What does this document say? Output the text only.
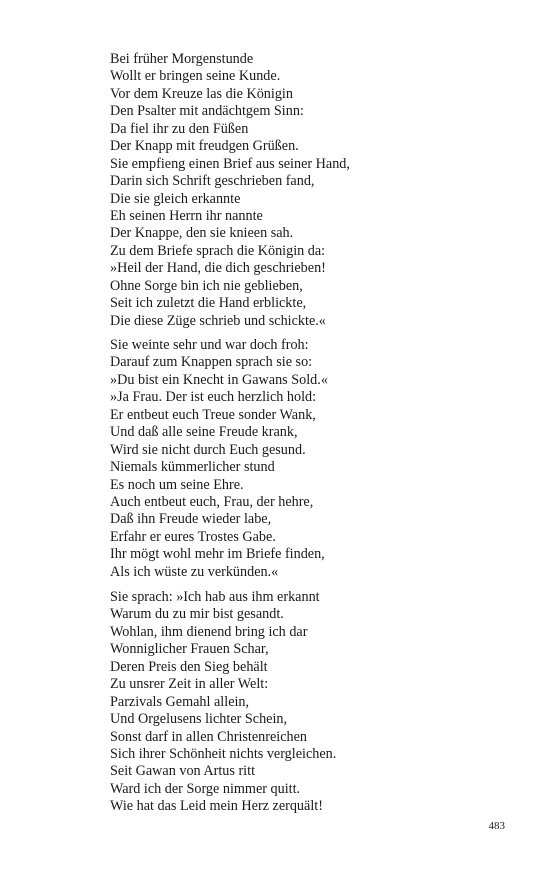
Bei früher Morgenstunde
Wollt er bringen seine Kunde.
Vor dem Kreuze las die Königin
Den Psalter mit andächtgem Sinn:
Da fiel ihr zu den Füßen
Der Knapp mit freudgen Grüßen.
Sie empfieng einen Brief aus seiner Hand,
Darin sich Schrift geschrieben fand,
Die sie gleich erkannte
Eh seinen Herrn ihr nannte
Der Knappe, den sie knieen sah.
Zu dem Briefe sprach die Königin da:
»Heil der Hand, die dich geschrieben!
Ohne Sorge bin ich nie geblieben,
Seit ich zuletzt die Hand erblickte,
Die diese Züge schrieb und schickte.«
Sie weinte sehr und war doch froh:
Darauf zum Knappen sprach sie so:
»Du bist ein Knecht in Gawans Sold.«
»Ja Frau. Der ist euch herzlich hold:
Er entbeut euch Treue sonder Wank,
Und daß alle seine Freude krank,
Wird sie nicht durch Euch gesund.
Niemals kümmerlicher stund
Es noch um seine Ehre.
Auch entbeut euch, Frau, der hehre,
Daß ihn Freude wieder labe,
Erfahr er eures Trostes Gabe.
Ihr mögt wohl mehr im Briefe finden,
Als ich wüste zu verkünden.«
Sie sprach: »Ich hab aus ihm erkannt
Warum du zu mir bist gesandt.
Wohlan, ihm dienend bring ich dar
Wonniglicher Frauen Schar,
Deren Preis den Sieg behält
Zu unsrer Zeit in aller Welt:
Parzivals Gemahl allein,
Und Orgelusens lichter Schein,
Sonst darf in allen Christenreichen
Sich ihrer Schönheit nichts vergleichen.
Seit Gawan von Artus ritt
Ward ich der Sorge nimmer quitt.
Wie hat das Leid mein Herz zerquält!
483
